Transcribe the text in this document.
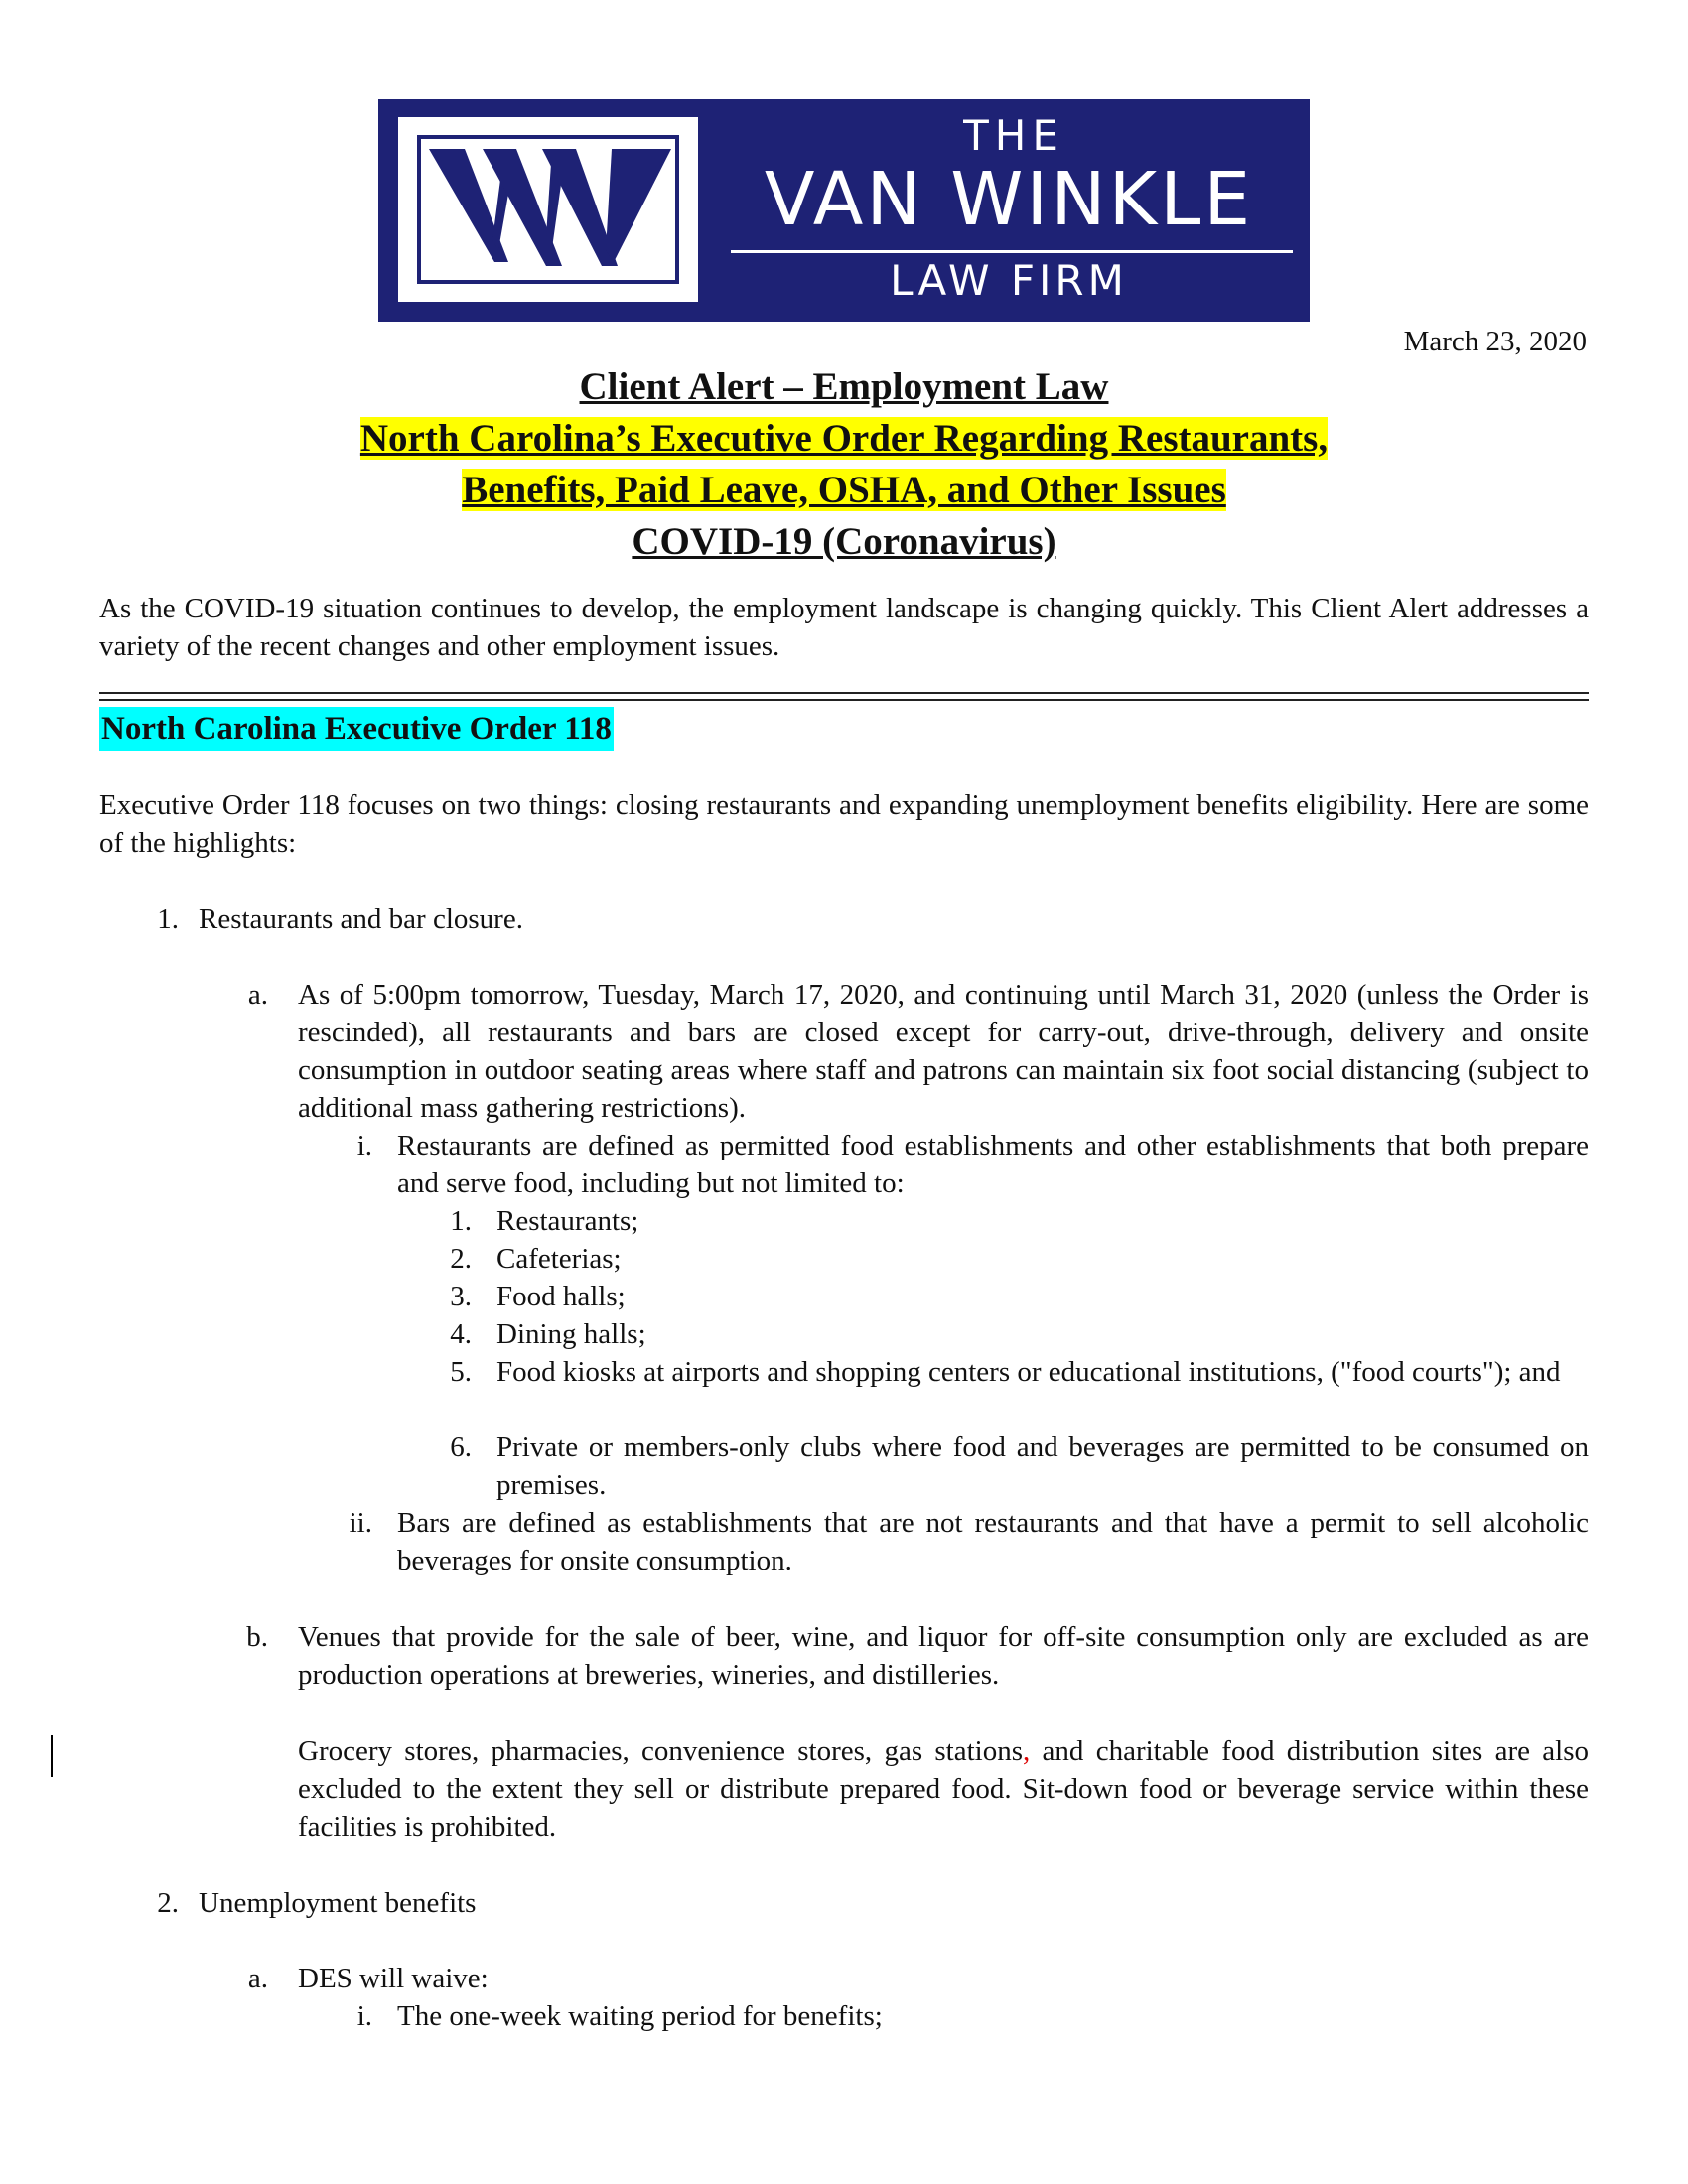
THE
VAN WINKLE
LAW FIRM
March 23, 2020
Client Alert – Employment Law
North Carolina’s Executive Order Regarding Restaurants,
Benefits, Paid Leave, OSHA, and Other Issues
COVID-19 (Coronavirus)
As the COVID-19 situation continues to develop, the employment landscape is changing quickly. This Client Alert addresses a variety of the recent changes and other employment issues.
North Carolina Executive Order 118
Executive Order 118 focuses on two things: closing restaurants and expanding unemployment benefits eligibility. Here are some of the highlights:
1. Restaurants and bar closure.
a. As of 5:00pm tomorrow, Tuesday, March 17, 2020, and continuing until March 31, 2020 (unless the Order is rescinded), all restaurants and bars are closed except for carry-out, drive-through, delivery and onsite consumption in outdoor seating areas where staff and patrons can maintain six foot social distancing (subject to additional mass gathering restrictions).
i. Restaurants are defined as permitted food establishments and other establishments that both prepare and serve food, including but not limited to:
1. Restaurants;
2. Cafeterias;
3. Food halls;
4. Dining halls;
5. Food kiosks at airports and shopping centers or educational institutions, ("food courts"); and
6. Private or members-only clubs where food and beverages are permitted to be consumed on premises.
ii. Bars are defined as establishments that are not restaurants and that have a permit to sell alcoholic beverages for onsite consumption.
b. Venues that provide for the sale of beer, wine, and liquor for off-site consumption only are excluded as are production operations at breweries, wineries, and distilleries.
Grocery stores, pharmacies, convenience stores, gas stations, and charitable food distribution sites are also excluded to the extent they sell or distribute prepared food. Sit-down food or beverage service within these facilities is prohibited.
2. Unemployment benefits
a. DES will waive:
i. The one-week waiting period for benefits;
